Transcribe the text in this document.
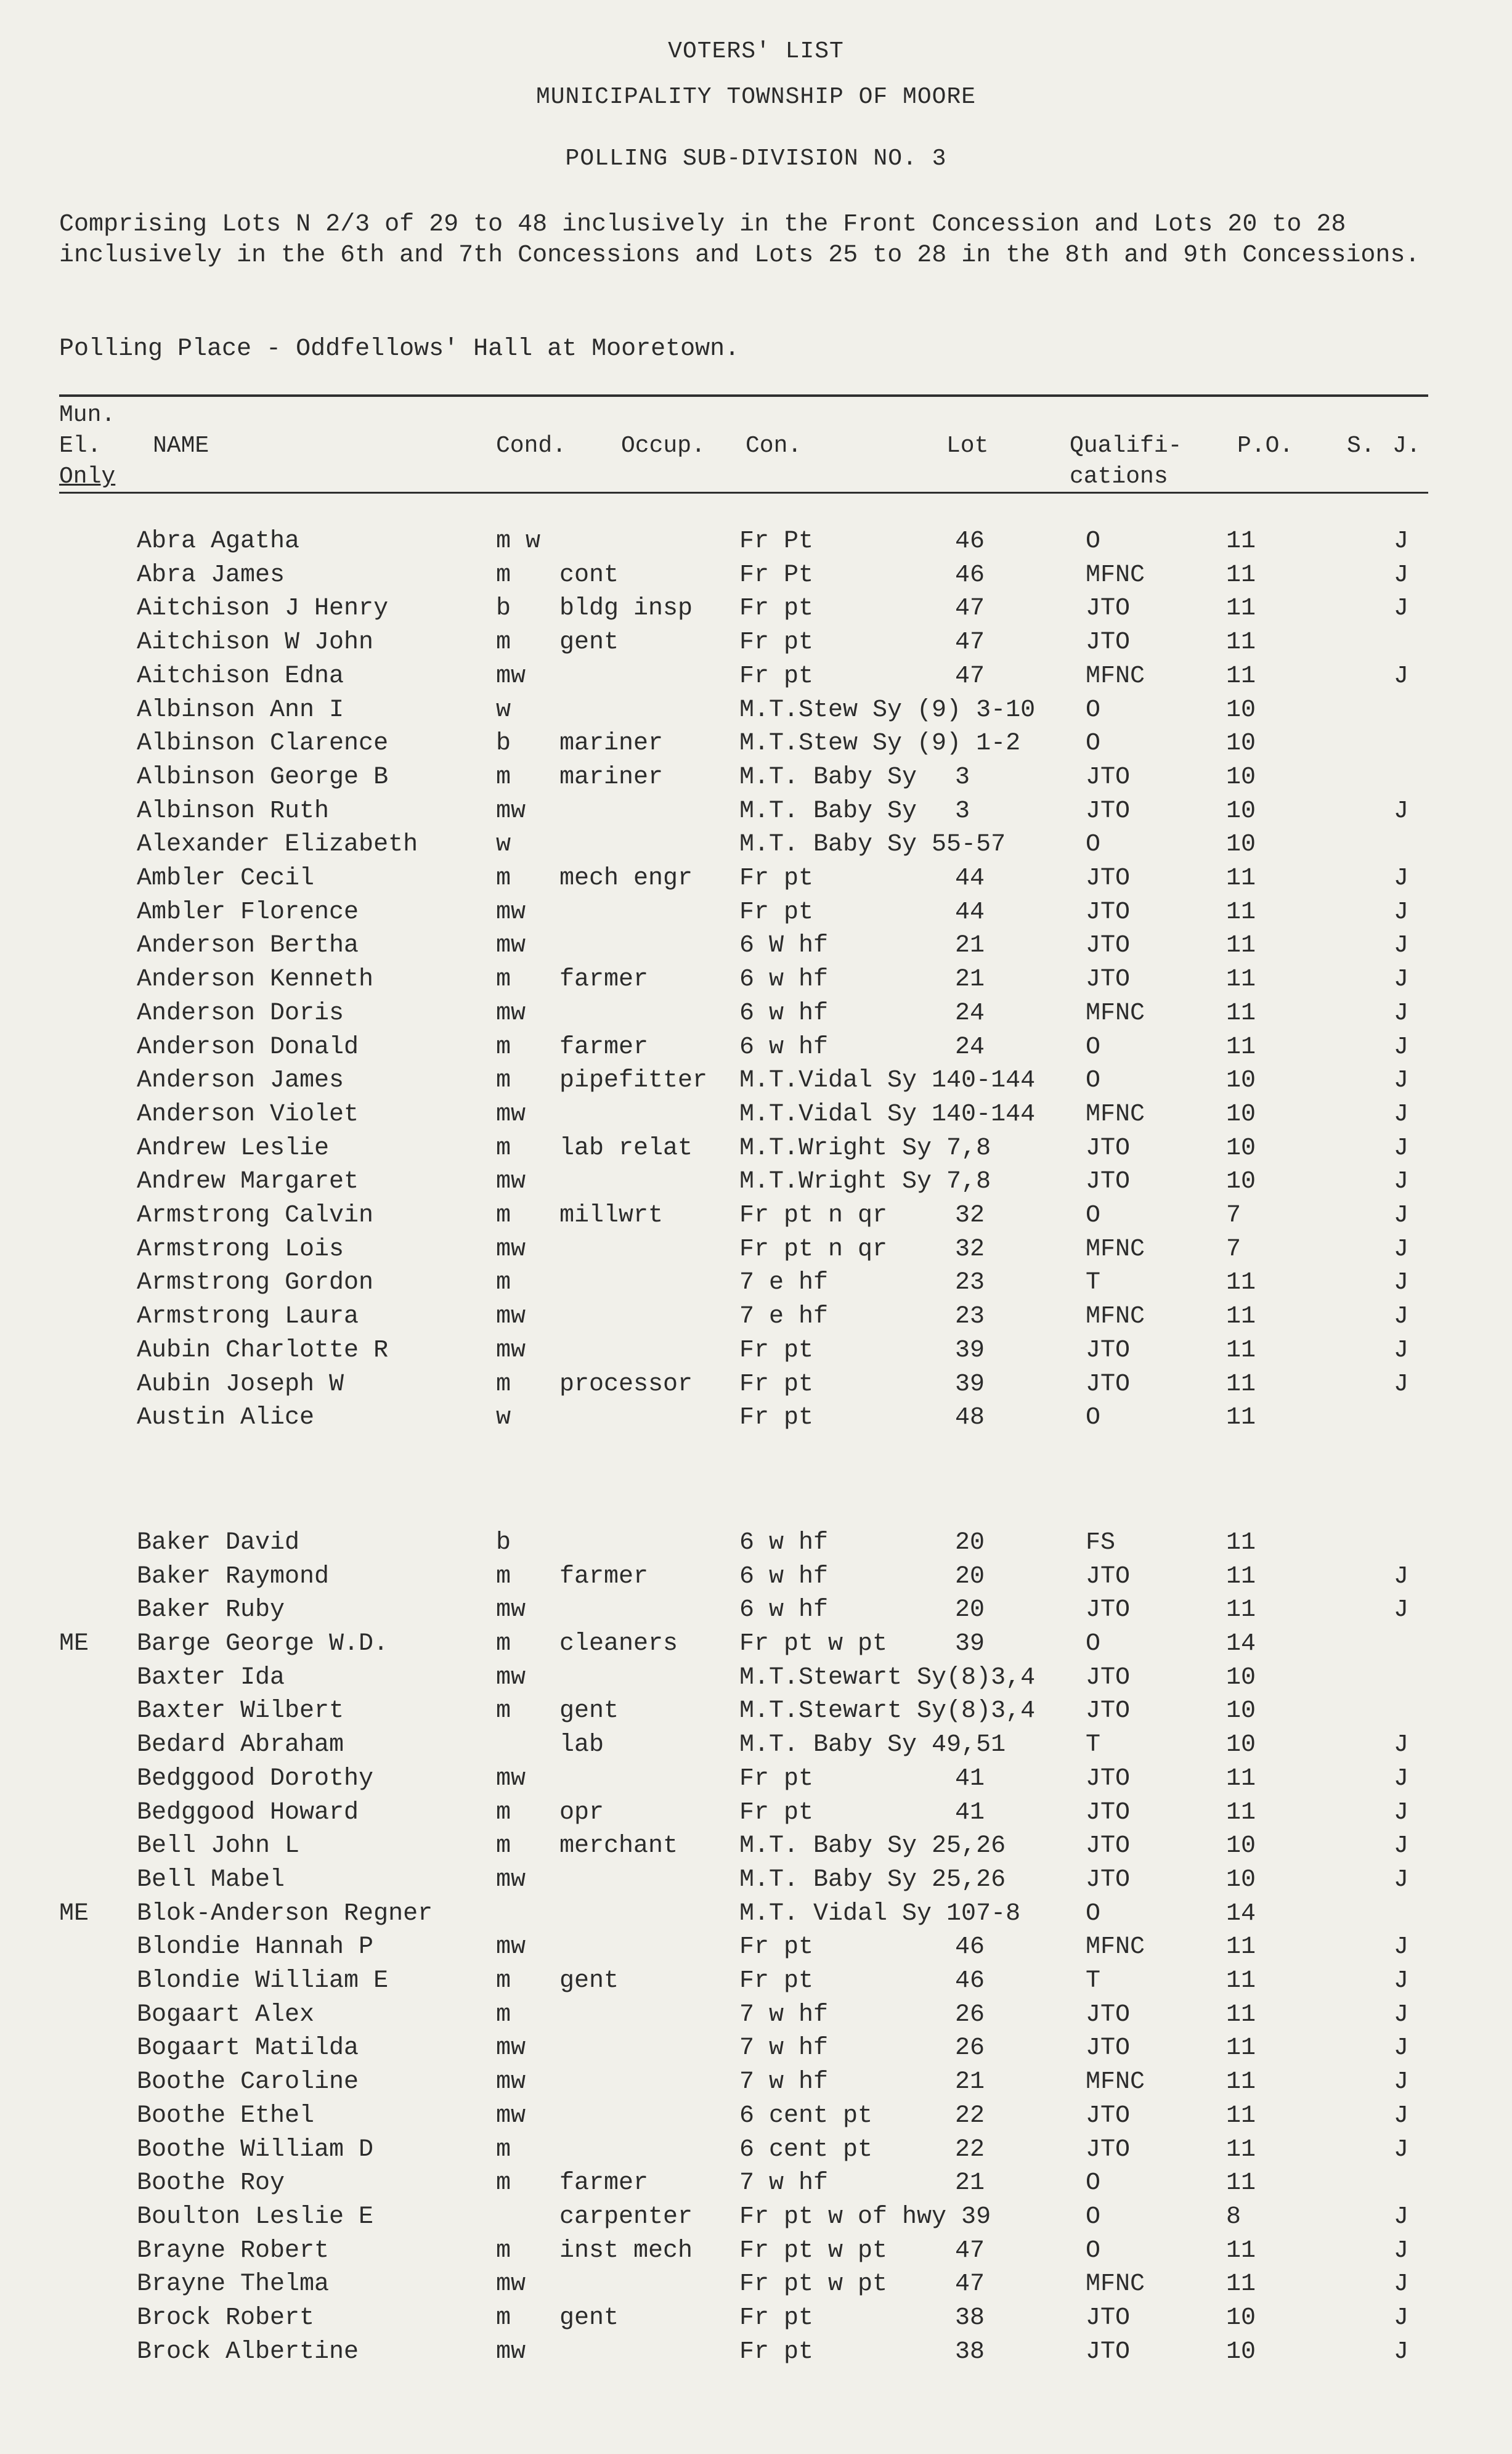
VOTERS' LIST
MUNICIPALITY TOWNSHIP OF MOORE
POLLING SUB-DIVISION NO. 3
Comprising Lots N 2/3 of 29 to 48 inclusively in the Front Concession and Lots 20 to 28 inclusively in the 6th and 7th Concessions and Lots 25 to 28 in the 8th and 9th Concessions.
Polling Place - Oddfellows' Hall at Mooretown.
Mun.
El.
Only
NAME	Cond. Occup. Con.	Lot	Qualifi-
cations
P.O. S. J.
Abra Agatha	m w	Fr Pt	46	O	11	J
Abra James	m cont	Fr Pt	46	MFNC	11	J
Aitchison J Henry	b bldg insp Fr pt	47	JTO	11	J
Aitchison W John	m gent	Fr pt	47	JTO	11
Aitchison Edna	mw	Fr pt	47	MFNC	11	J
Albinson Ann I	w	M.T.Stew Sy (9) 3-10 O	10
Albinson Clarence	b mariner	M.T.Stew Sy (9) 1-2	O	10
Albinson George B	m mariner	M.T. Baby Sy 3	JTO	10
Albinson Ruth	mw	M.T. Baby Sy 3	JTO	10	J
Alexander Elizabeth	w	M.T. Baby Sy 55-57	O	10
Ambler Cecil	m mech engr Fr pt	44	JTO	11	J
Ambler Florence	mw	Fr pt	44	JTO	11	J
Anderson Bertha	mw	6 W hf	21	JTO	11	J
Anderson Kenneth	m farmer	6 w hf	21	JTO	11	J
Anderson Doris	mw	6 w hf	24	MFNC	11	J
Anderson Donald	m farmer	6 w hf	24	O	11	J
Anderson James	m pipefitter M.T.Vidal Sy 140-144 O	10	J
Anderson Violet	mw	M.T.Vidal Sy 140-144 MFNC	10	J
Andrew Leslie	m lab relat M.T.Wright Sy 7,8	JTO	10	J
Andrew Margaret	mw	M.T.Wright Sy 7,8	JTO	10	J
Armstrong Calvin	m millwrt	Fr pt n qr	32	O	7	J
Armstrong Lois	mw	Fr pt n qr	32	MFNC	7	J
Armstrong Gordon	m	7 e hf	23	T	11	J
Armstrong Laura	mw	7 e hf	23	MFNC	11	J
Aubin Charlotte R	mw	Fr pt	39	JTO	11	J
Aubin Joseph W	m processor Fr pt	39	JTO	11	J
Austin Alice	w	Fr pt	48	O	11
Baker David	b	6 w hf	20	FS	11
Baker Raymond	m farmer	6 w hf	20	JTO	11	J
Baker Ruby	mw	6 w hf	20	JTO	11	J
ME Barge George W.D.	m cleaners Fr pt w pt	39	O	14
Baxter Ida	mw	M.T.Stewart Sy(8)3,4 JTO	10
Baxter Wilbert	m gent	M.T.Stewart Sy(8)3,4 JTO	10
Bedard Abraham	lab	M.T. Baby Sy 49,51	T	10	J
Bedggood Dorothy	mw	Fr pt	41	JTO	11	J
Bedggood Howard	m opr	Fr pt	41	JTO	11	J
Bell John L	m merchant M.T. Baby Sy 25,26	JTO	10	J
Bell Mabel	mw	M.T. Baby Sy 25,26	JTO	10	J
ME Blok-Anderson Regner	M.T. Vidal Sy 107-8	O	14
Blondie Hannah P	mw	Fr pt	46	MFNC	11	J
Blondie William E	m gent	Fr pt	46	T	11	J
Bogaart Alex	m	7 w hf	26	JTO	11	J
Bogaart Matilda	mw	7 w hf	26	JTO	11	J
Boothe Caroline	mw	7 w hf	21	MFNC	11	J
Boothe Ethel	mw	6 cent pt	22	JTO	11	J
Boothe William D	m	6 cent pt	22	JTO	11	J
Boothe Roy	m farmer	7 w hf	21	O	11
Boulton Leslie E	carpenter Fr pt w of hwy 39	O	8	J
Brayne Robert	m inst mech Fr pt w pt	47	O	11	J
Brayne Thelma	mw	Fr pt w pt	47	MFNC	11	J
Brock Robert	m gent	Fr pt	38	JTO	10	J
Brock Albertine	mw	Fr pt	38	JTO	10	J
